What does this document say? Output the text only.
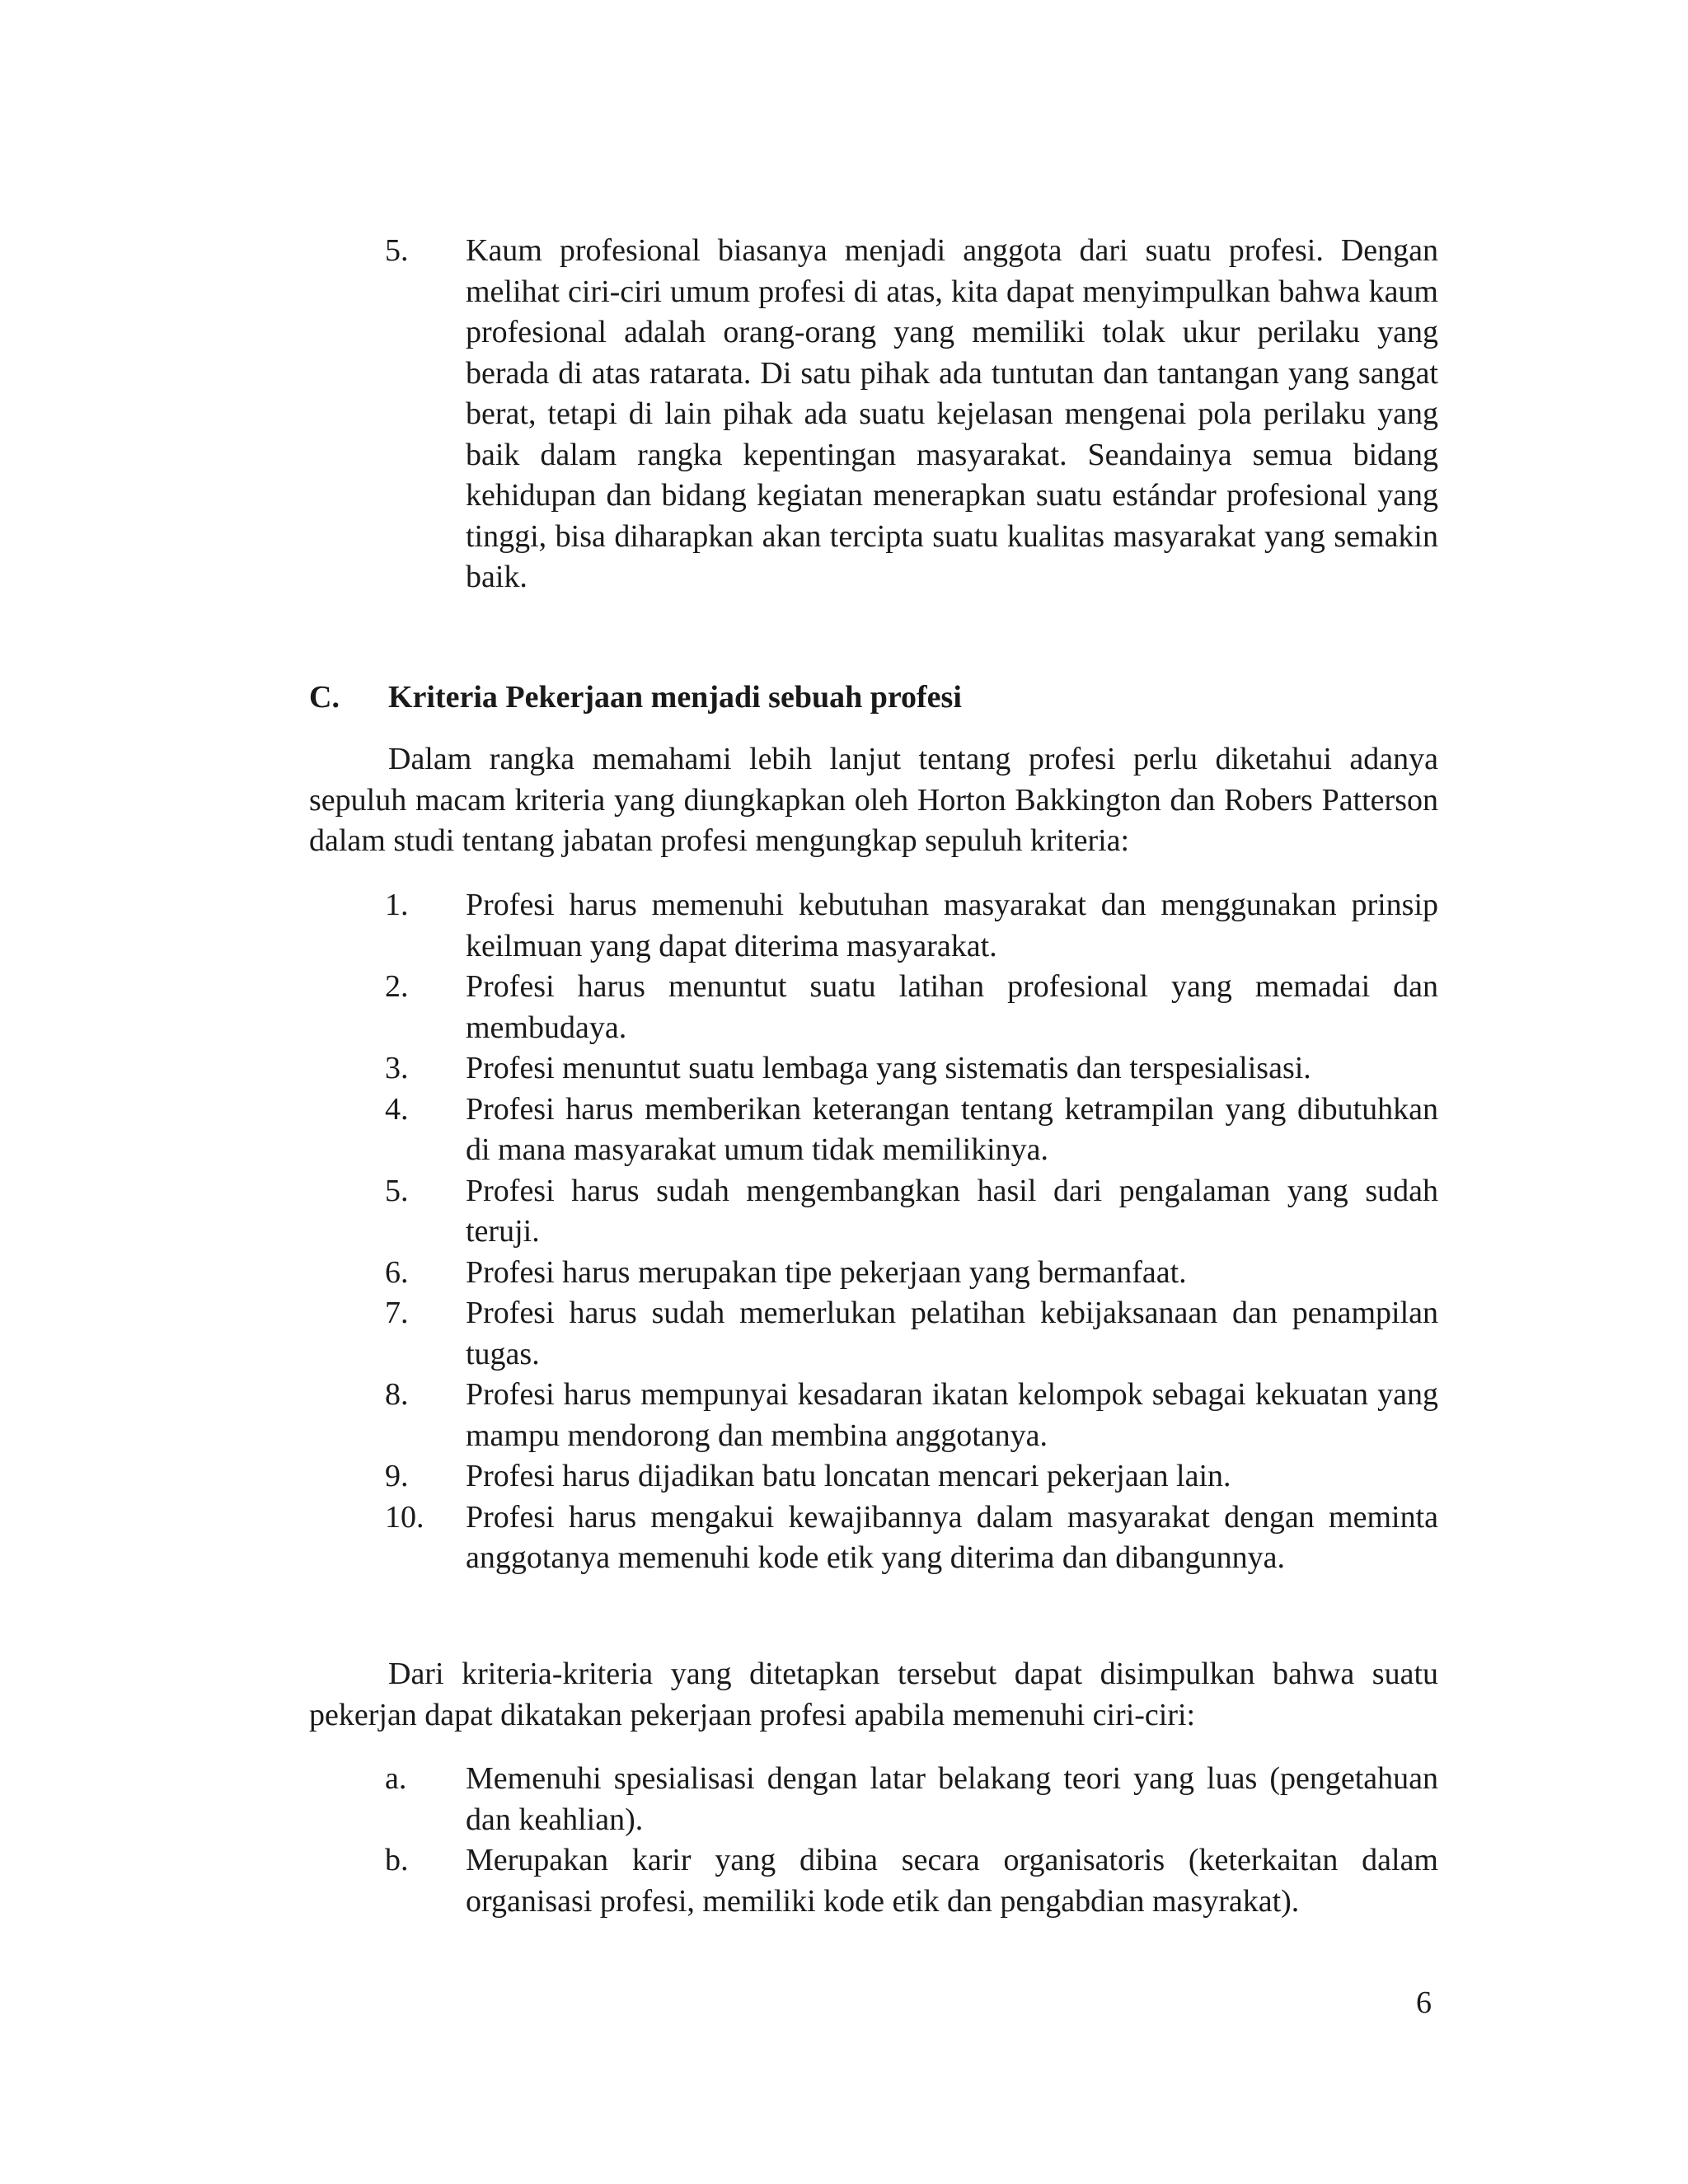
5. Kaum profesional biasanya menjadi anggota dari suatu profesi. Dengan melihat ciri-ciri umum profesi di atas, kita dapat menyimpulkan bahwa kaum profesional adalah orang-orang yang memiliki tolak ukur perilaku yang berada di atas ratarata. Di satu pihak ada tuntutan dan tantangan yang sangat berat, tetapi di lain pihak ada suatu kejelasan mengenai pola perilaku yang baik dalam rangka kepentingan masyarakat. Seandainya semua bidang kehidupan dan bidang kegiatan menerapkan suatu estándar profesional yang tinggi, bisa diharapkan akan tercipta suatu kualitas masyarakat yang semakin baik.
C. Kriteria Pekerjaan menjadi sebuah profesi
Dalam rangka memahami lebih lanjut tentang profesi perlu diketahui adanya sepuluh macam kriteria yang diungkapkan oleh Horton Bakkington dan Robers Patterson dalam studi tentang jabatan profesi mengungkap sepuluh kriteria:
1. Profesi harus memenuhi kebutuhan masyarakat dan menggunakan prinsip keilmuan yang dapat diterima masyarakat.
2. Profesi harus menuntut suatu latihan profesional yang memadai dan membudaya.
3. Profesi menuntut suatu lembaga yang sistematis dan terspesialisasi.
4. Profesi harus memberikan keterangan tentang ketrampilan yang dibutuhkan di mana masyarakat umum tidak memilikinya.
5. Profesi harus sudah mengembangkan hasil dari pengalaman yang sudah teruji.
6. Profesi harus merupakan tipe pekerjaan yang bermanfaat.
7. Profesi harus sudah memerlukan pelatihan kebijaksanaan dan penampilan tugas.
8. Profesi harus mempunyai kesadaran ikatan kelompok sebagai kekuatan yang mampu mendorong dan membina anggotanya.
9. Profesi harus dijadikan batu loncatan mencari pekerjaan lain.
10. Profesi harus mengakui kewajibannya dalam masyarakat dengan meminta anggotanya memenuhi kode etik yang diterima dan dibangunnya.
Dari kriteria-kriteria yang ditetapkan tersebut dapat disimpulkan bahwa suatu pekerjan dapat dikatakan pekerjaan profesi apabila memenuhi ciri-ciri:
a. Memenuhi spesialisasi dengan latar belakang teori yang luas (pengetahuan dan keahlian).
b. Merupakan karir yang dibina secara organisatoris (keterkaitan dalam organisasi profesi, memiliki kode etik dan pengabdian masyrakat).
6
